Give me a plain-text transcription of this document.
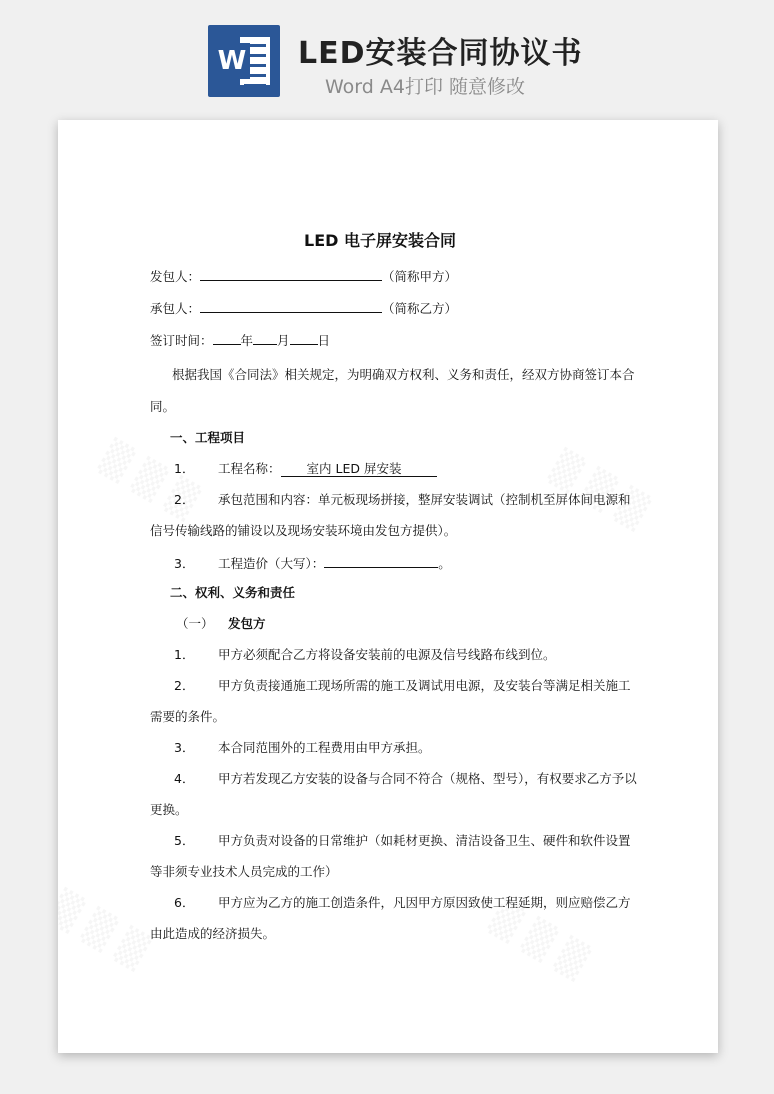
W LED安装合同协议书
Word A4打印 随意修改
LED 电子屏安装合同
发包人：	（简称甲方）
承包人：	（简称乙方）
签订时间： 年 月 日
根据我国《合同法》相关规定，为明确双方权利、义务和责任，经双方协商签订本合
同。
一、工程项目
1． 工程名称： 室内 LED 屏安装
2． 承包范围和内容：单元板现场拼接，整屏安装调试（控制机至屏体间电源和
信号传输线路的铺设以及现场安装环境由发包方提供）。
3． 工程造价（大写）：	。
二、权利、义务和责任
（一） 发包方
1． 甲方必须配合乙方将设备安装前的电源及信号线路布线到位。
2． 甲方负责接通施工现场所需的施工及调试用电源，及安装台等满足相关施工
需要的条件。
3． 本合同范围外的工程费用由甲方承担。
4． 甲方若发现乙方安装的设备与合同不符合（规格、型号），有权要求乙方予以
更换。
5． 甲方负责对设备的日常维护（如耗材更换、清洁设备卫生、硬件和软件设置
等非须专业技术人员完成的工作）
6． 甲方应为乙方的施工创造条件，凡因甲方原因致使工程延期，则应赔偿乙方
由此造成的经济损失。
